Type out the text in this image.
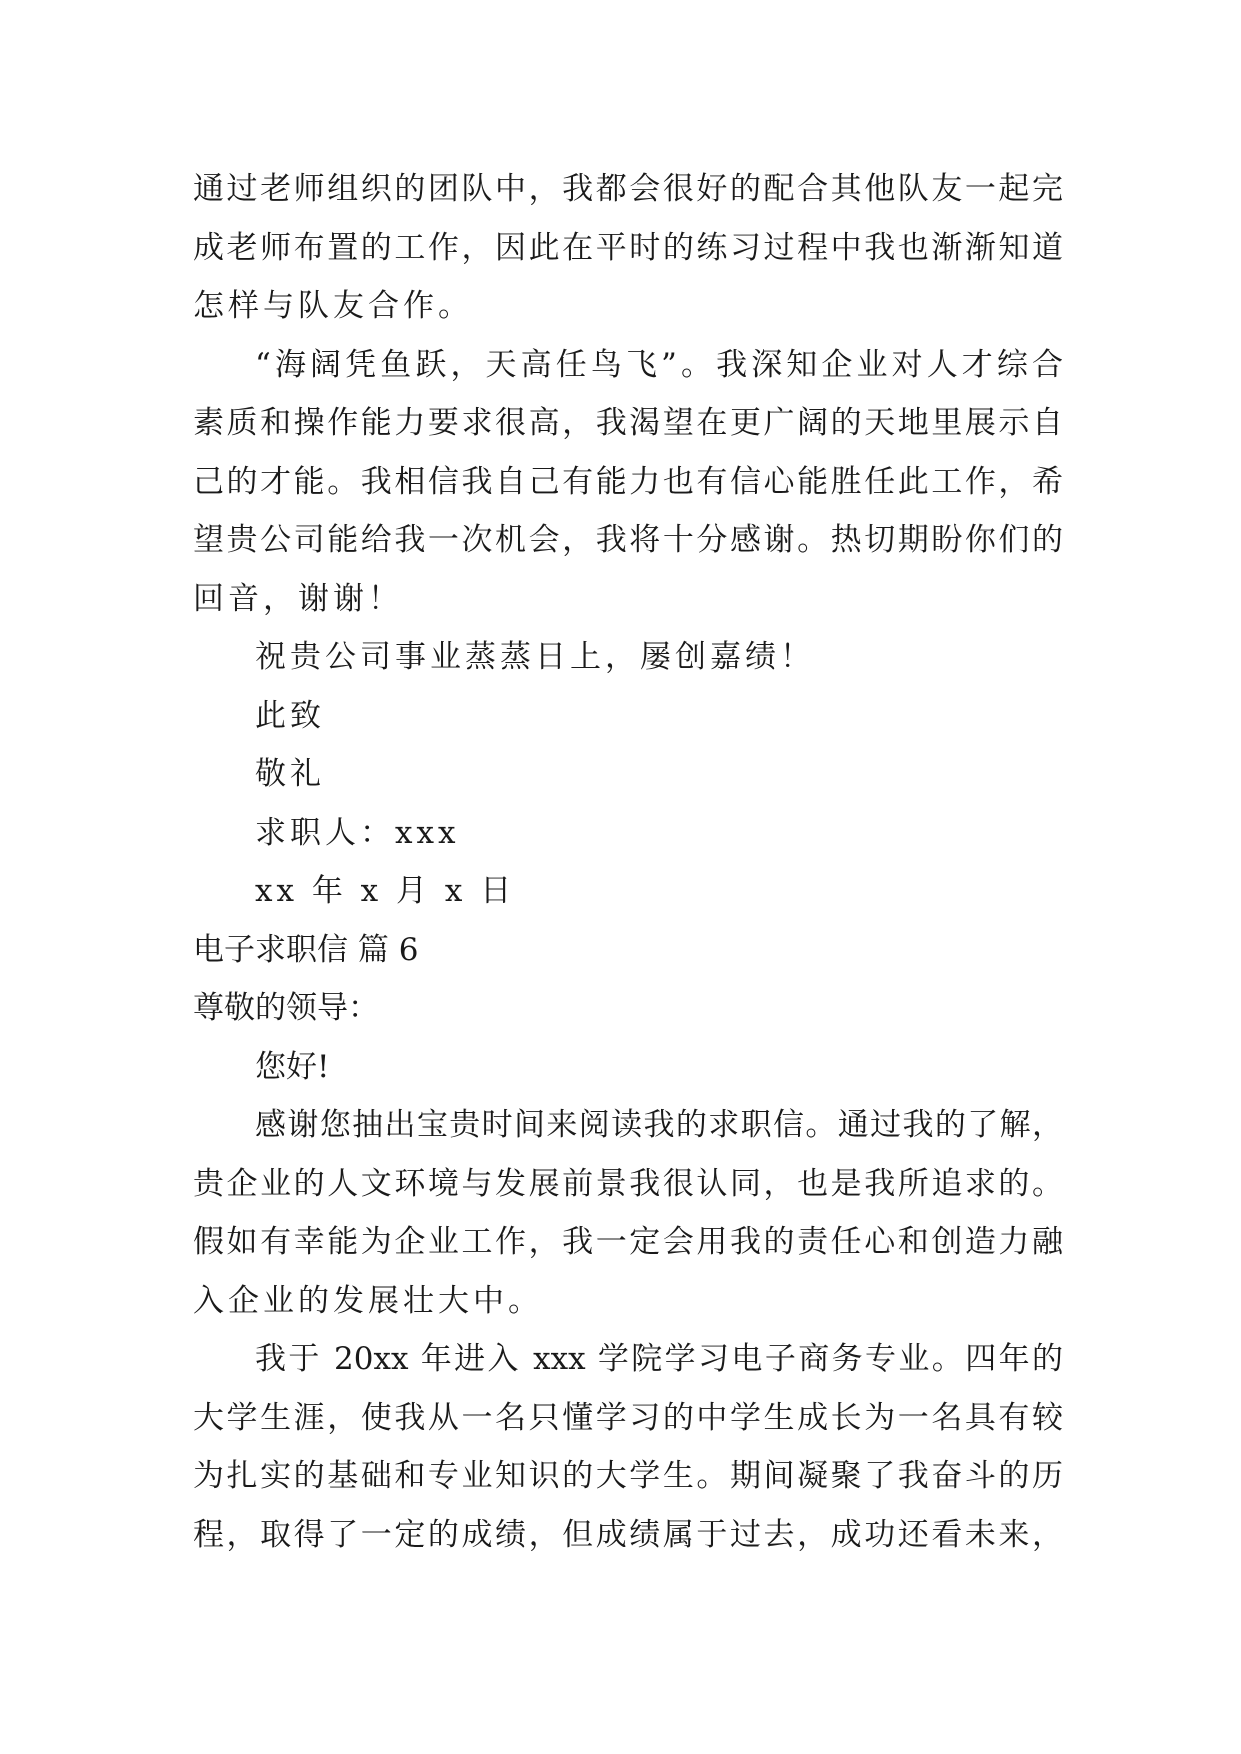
通过老师组织的团队中，我都会很好的配合其他队友一起完
成老师布置的工作，因此在平时的练习过程中我也渐渐知道
怎样与队友合作。
“海阔凭鱼跃，天高任鸟飞”。我深知企业对人才综合
素质和操作能力要求很高，我渴望在更广阔的天地里展示自
己的才能。我相信我自己有能力也有信心能胜任此工作，希
望贵公司能给我一次机会，我将十分感谢。热切期盼你们的
回音，谢谢！
祝贵公司事业蒸蒸日上，屡创嘉绩！
此致
敬礼
求职人：xxx
xx 年 x 月 x 日
电子求职信 篇 6
尊敬的领导：
您好!
感谢您抽出宝贵时间来阅读我的求职信。通过我的了解，
贵企业的人文环境与发展前景我很认同，也是我所追求的。
假如有幸能为企业工作，我一定会用我的责任心和创造力融
入企业的发展壮大中。
我于 20xx 年进入 xxx 学院学习电子商务专业。四年的
大学生涯，使我从一名只懂学习的中学生成长为一名具有较
为扎实的基础和专业知识的大学生。期间凝聚了我奋斗的历
程，取得了一定的成绩，但成绩属于过去，成功还看未来，
